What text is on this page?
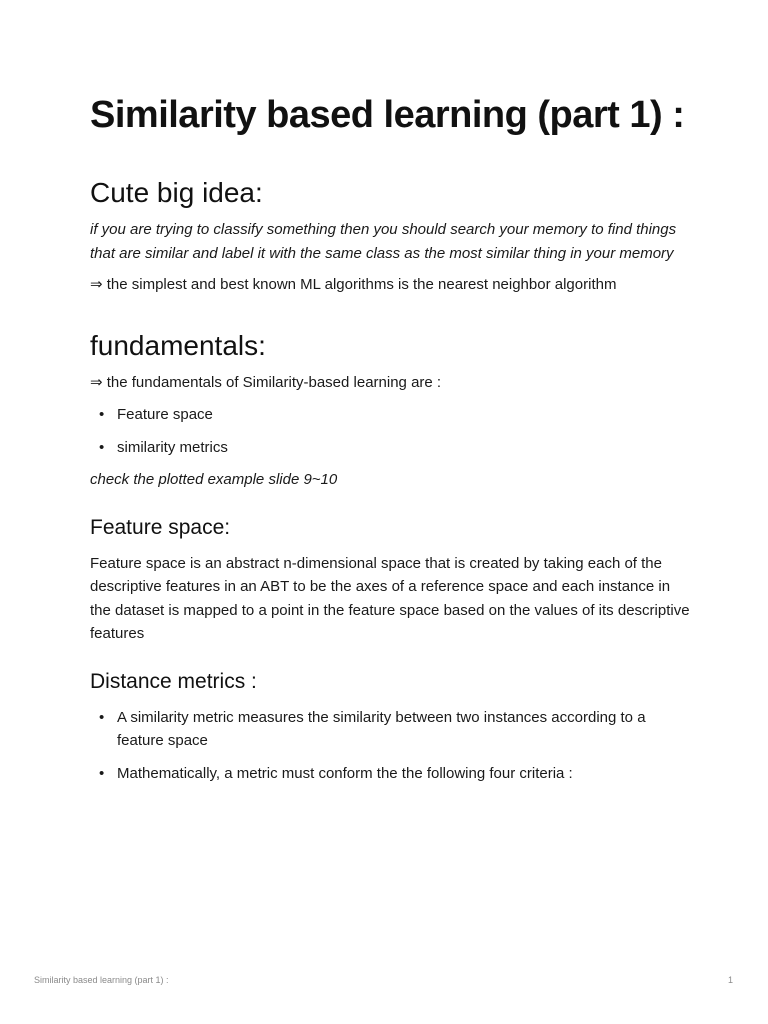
Similarity based learning (part 1) :
Cute big idea:

if you are trying to classify something then you should search your memory to find things that are similar and label it with the same class as the most similar thing in your memory

⇒ the simplest and best known ML algorithms is the nearest neighbor algorithm

fundamentals:

⇒ the fundamentals of Similarity-based learning are :

• Feature space
• similarity metrics

check the plotted example slide 9~10

Feature space:

Feature space is an abstract n-dimensional space that is created by taking each of the descriptive features in an ABT to be the axes of a reference space and each instance in the dataset is mapped to a point in the feature space based on the values of its descriptive features

Distance metrics :
• A similarity metric measures the similarity between two instances according to a feature space
• Mathematically, a metric must conform the the following four criteria :
Similarity based learning (part 1) :	1
